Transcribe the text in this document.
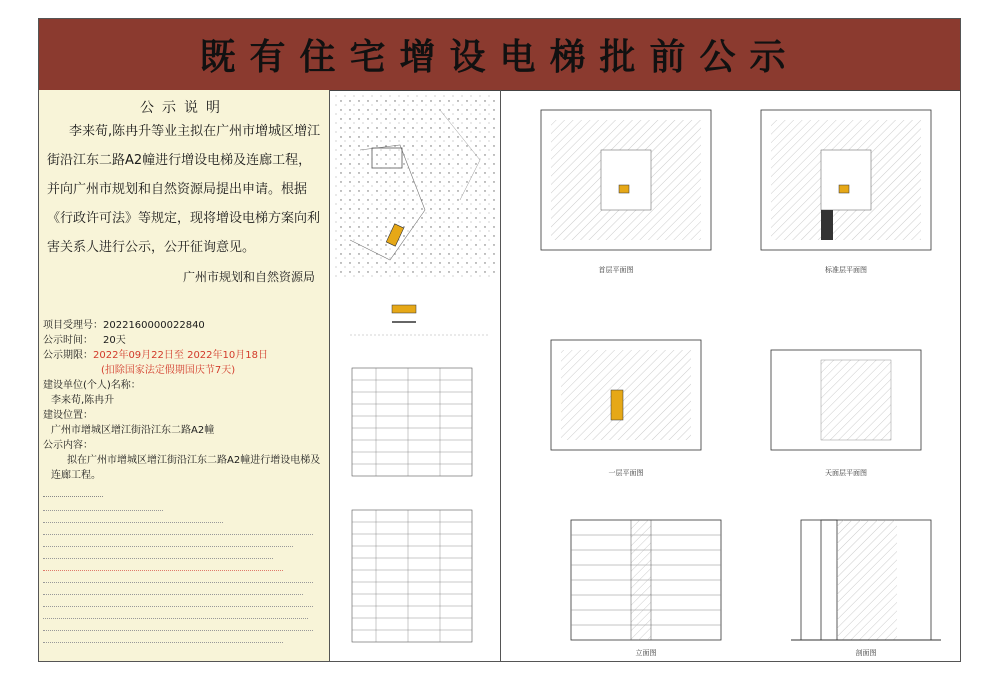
既有住宅增设电梯批前公示
公示说明
李来荀,陈冉升等业主拟在广州市增城区增江街沿江东二路A2幢进行增设电梯及连廊工程，并向广州市规划和自然资源局提出申请。根据《行政许可法》等规定，现将增设电梯方案向利害关系人进行公示，公开征询意见。
广州市规划和自然资源局
项目受理号：2022160000022840
公示时间： 20天
公示期限：2022年09月22日至 2022年10月18日
(扣除国家法定假期国庆节7天)
建设单位(个人)名称：
李来荀,陈冉升
建设位置：
广州市增城区增江街沿江东二路A2幢
公示内容：
拟在广州市增城区增江街沿江东二路A2幢进行增设电梯及连廊工程。
首层平面图	标准层平面图
一层平面图	天面层平面图
立面图	剖面图
